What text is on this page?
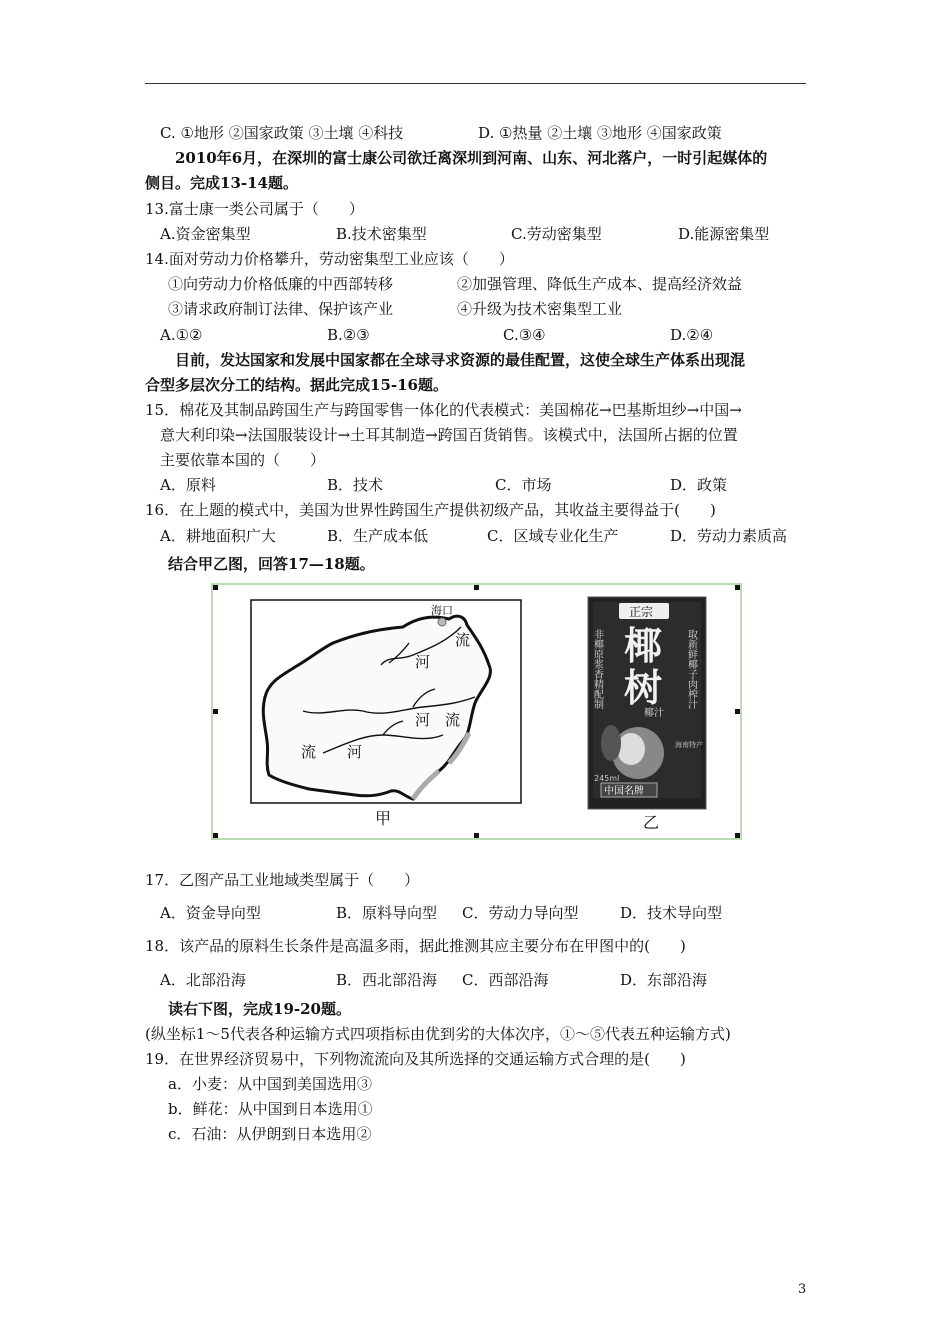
C. ①地形 ②国家政策 ③土壤 ④科技	D. ①热量 ②土壤 ③地形 ④国家政策
2010年6月，在深圳的富士康公司欲迁离深圳到河南、山东、河北落户，一时引起媒体的
侧目。完成13-14题。
13.富士康一类公司属于（　　）
A.资金密集型	B.技术密集型	C.劳动密集型	D.能源密集型
14.面对劳动力价格攀升，劳动密集型工业应该（　　）
①向劳动力价格低廉的中西部转移	②加强管理、降低生产成本、提高经济效益
③请求政府制订法律、保护该产业	④升级为技术密集型工业
A.①②	B.②③	C.③④	D.②④
目前，发达国家和发展中国家都在全球寻求资源的最佳配置，这使全球生产体系出现混
合型多层次分工的结构。据此完成15-16题。
15．棉花及其制品跨国生产与跨国零售一体化的代表模式：美国棉花→巴基斯坦纱→中国→
意大利印染→法国服装设计→土耳其制造→跨国百货销售。该模式中，法国所占据的位置
主要依靠本国的（　　）
A．原料	B．技术	C．市场	D．政策
16．在上题的模式中，美国为世界性跨国生产提供初级产品，其收益主要得益于(　　)
A．耕地面积广大	B．生产成本低	C．区域专业化生产	D．劳动力素质高
结合甲乙图，回答17—18题。
海口
流
河
河 流
流 河
甲
正宗
椰
树
椰汁
非椰原浆香精配制	取新鲜椰子肉榨汁
海南特产
245ml
中国名牌
乙
17．乙图产品工业地域类型属于（　　）
A．资金导向型	B．原料导向型 C．劳动力导向型	D．技术导向型
18．该产品的原料生长条件是高温多雨，据此推测其应主要分布在甲图中的(　　)
A．北部沿海	B．西北部沿海 C．西部沿海	D．东部沿海
读右下图，完成19-20题。
(纵坐标1～5代表各种运输方式四项指标由优到劣的大体次序，①～⑤代表五种运输方式)
19．在世界经济贸易中，下列物流流向及其所选择的交通运输方式合理的是(　　)
a．小麦：从中国到美国选用③
b．鲜花：从中国到日本选用①
c．石油：从伊朗到日本选用②
3
